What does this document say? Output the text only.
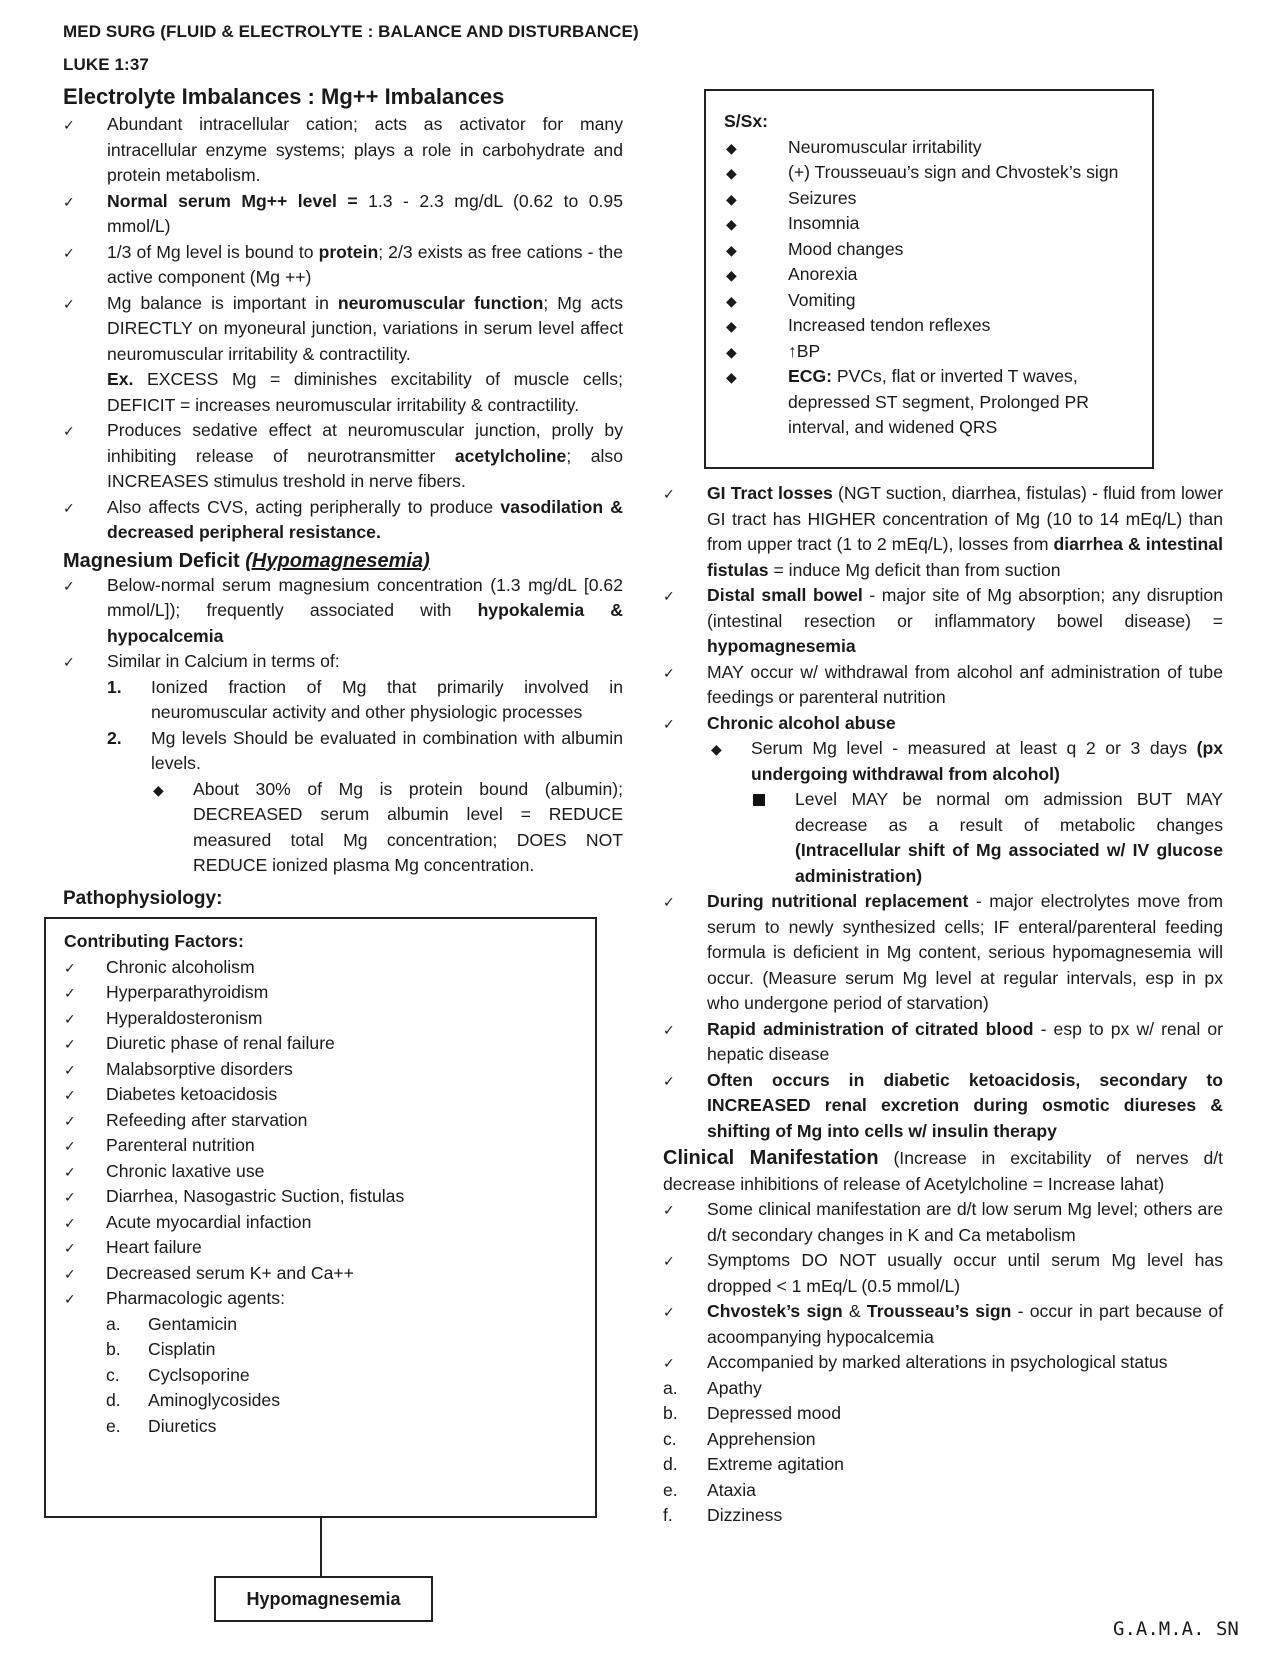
MED SURG (FLUID & ELECTROLYTE : BALANCE AND DISTURBANCE)
LUKE 1:37
Electrolyte Imbalances : Mg++ Imbalances
✓ Abundant intracellular cation; acts as activator for many intracellular enzyme systems; plays a role in carbohydrate and protein metabolism.
✓ Normal serum Mg++ level = 1.3 - 2.3 mg/dL (0.62 to 0.95 mmol/L)
✓ 1/3 of Mg level is bound to protein; 2/3 exists as free cations - the active component (Mg ++)
✓ Mg balance is important in neuromuscular function; Mg acts DIRECTLY on myoneural junction, variations in serum level affect neuromuscular irritability & contractility.
Ex. EXCESS Mg = diminishes excitability of muscle cells; DEFICIT = increases neuromuscular irritability & contractility.
✓ Produces sedative effect at neuromuscular junction, prolly by inhibiting release of neurotransmitter acetylcholine; also INCREASES stimulus treshold in nerve fibers.
✓ Also affects CVS, acting peripherally to produce vasodilation & decreased peripheral resistance.
Magnesium Deficit (Hypomagnesemia)
✓ Below-normal serum magnesium concentration (1.3 mg/dL [0.62 mmol/L]); frequently associated with hypokalemia & hypocalcemia
✓ Similar in Calcium in terms of:
1. Ionized fraction of Mg that primarily involved in neuromuscular activity and other physiologic processes
2. Mg levels Should be evaluated in combination with albumin levels.
◆ About 30% of Mg is protein bound (albumin); DECREASED serum albumin level = REDUCE measured total Mg concentration; DOES NOT REDUCE ionized plasma Mg concentration.
Pathophysiology:
Contributing Factors:
✓ Chronic alcoholism
✓ Hyperparathyroidism
✓ Hyperaldosteronism
✓ Diuretic phase of renal failure
✓ Malabsorptive disorders
✓ Diabetes ketoacidosis
✓ Refeeding after starvation
✓ Parenteral nutrition
✓ Chronic laxative use
✓ Diarrhea, Nasogastric Suction, fistulas
✓ Acute myocardial infaction
✓ Heart failure
✓ Decreased serum K+ and Ca++
✓ Pharmacologic agents:
a. Gentamicin
b. Cisplatin
c. Cyclsoporine
d. Aminoglycosides
e. Diuretics
Hypomagnesemia
S/Sx:
◆	Neuromuscular irritability
◆	(+) Trousseuau’s sign and Chvostek’s sign
◆	Seizures
◆	Insomnia
◆	Mood changes
◆	Anorexia
◆	Vomiting
◆	Increased tendon reflexes
◆	↑BP
◆	ECG: PVCs, flat or inverted T waves, depressed ST segment, Prolonged PR interval, and widened QRS
✓ GI Tract losses (NGT suction, diarrhea, fistulas) - fluid from lower GI tract has HIGHER concentration of Mg (10 to 14 mEq/L) than from upper tract (1 to 2 mEq/L), losses from diarrhea & intestinal fistulas = induce Mg deficit than from suction
✓ Distal small bowel - major site of Mg absorption; any disruption (intestinal resection or inflammatory bowel disease) = hypomagnesemia
✓ MAY occur w/ withdrawal from alcohol anf administration of tube feedings or parenteral nutrition
✓ Chronic alcohol abuse
◆ Serum Mg level - measured at least q 2 or 3 days (px undergoing withdrawal from alcohol)
Level MAY be normal om admission BUT MAY decrease as a result of metabolic changes (Intracellular shift of Mg associated w/ IV glucose administration)
✓ During nutritional replacement - major electrolytes move from serum to newly synthesized cells; IF enteral/parenteral feeding formula is deficient in Mg content, serious hypomagnesemia will occur. (Measure serum Mg level at regular intervals, esp in px who undergone period of starvation)
✓ Rapid administration of citrated blood - esp to px w/ renal or hepatic disease
✓ Often occurs in diabetic ketoacidosis, secondary to INCREASED renal excretion during osmotic diureses & shifting of Mg into cells w/ insulin therapy
Clinical Manifestation (Increase in excitability of nerves d/t decrease inhibitions of release of Acetylcholine = Increase lahat)
✓ Some clinical manifestation are d/t low serum Mg level; others are d/t secondary changes in K and Ca metabolism
✓ Symptoms DO NOT usually occur until serum Mg level has dropped < 1 mEq/L (0.5 mmol/L)
✓ Chvostek’s sign & Trousseau’s sign - occur in part because of acoompanying hypocalcemia
✓ Accompanied by marked alterations in psychological status
a. Apathy
b. Depressed mood
c. Apprehension
d. Extreme agitation
e. Ataxia
f. Dizziness
G.A.M.A. SN
